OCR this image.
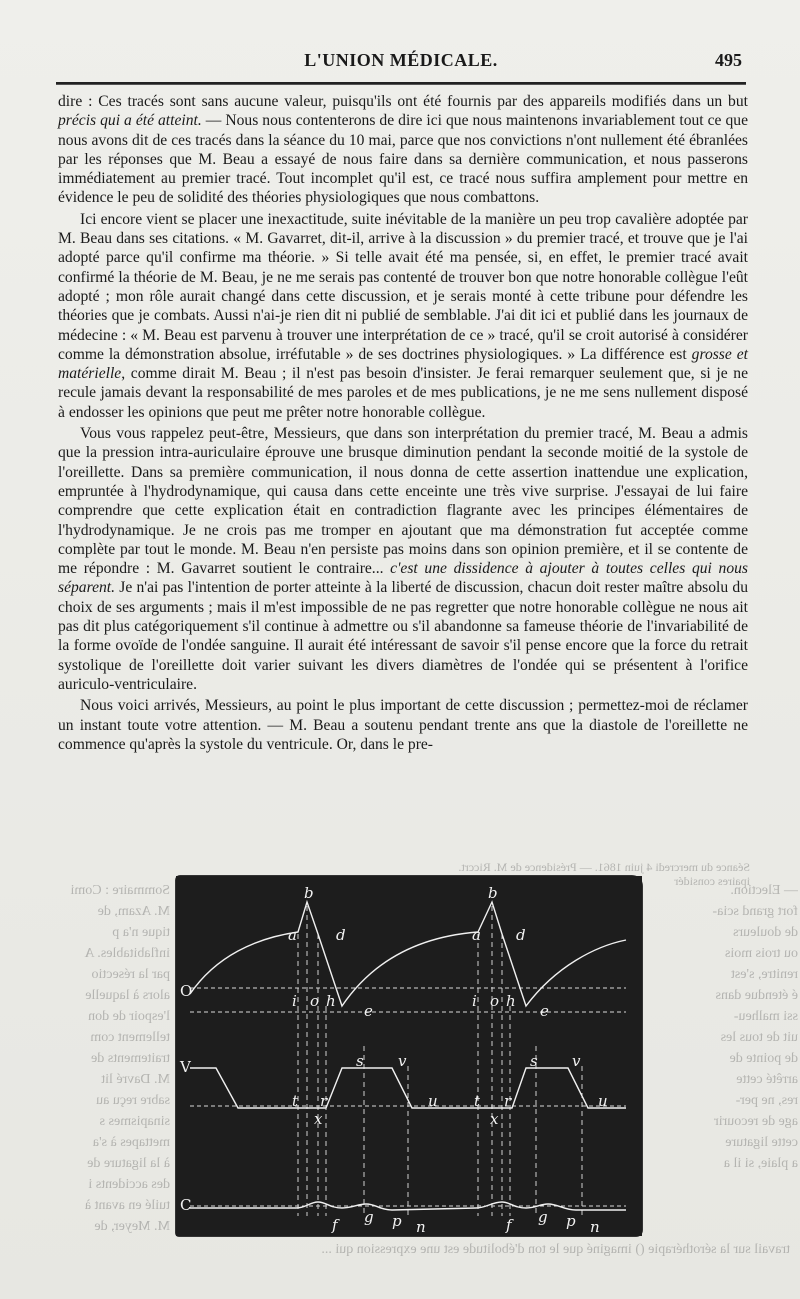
L'UNION MÉDICALE.	495

dire : Ces tracés sont sans aucune valeur, puisqu'ils ont été fournis par des appareils modifiés dans un but précis qui a été atteint. — Nous nous contenterons de dire ici que nous maintenons invariablement tout ce que nous avons dit de ces tracés dans la séance du 10 mai, parce que nos convictions n'ont nullement été ébranlées par les réponses que M. Beau a essayé de nous faire dans sa dernière communication, et nous passerons immédiatement au premier tracé. Tout incomplet qu'il est, ce tracé nous suffira amplement pour mettre en évidence le peu de solidité des théories physiologiques que nous combattons.

Ici encore vient se placer une inexactitude, suite inévitable de la manière un peu trop cavalière adoptée par M. Beau dans ses citations. « M. Gavarret, dit-il, arrive à la discussion » du premier tracé, et trouve que je l'ai adopté parce qu'il confirme ma théorie. » Si telle avait été ma pensée, si, en effet, le premier tracé avait confirmé la théorie de M. Beau, je ne me serais pas contenté de trouver bon que notre honorable collègue l'eût adopté ; mon rôle aurait changé dans cette discussion, et je serais monté à cette tribune pour défendre les théories que je combats. Aussi n'ai-je rien dit ni publié de semblable. J'ai dit ici et publié dans les journaux de médecine : « M. Beau est parvenu à trouver une interprétation de ce » tracé, qu'il se croit autorisé à considérer comme la démonstration absolue, irréfutable » de ses doctrines physiologiques. » La différence est grosse et matérielle, comme dirait M. Beau ; il n'est pas besoin d'insister. Je ferai remarquer seulement que, si je ne recule jamais devant la responsabilité de mes paroles et de mes publications, je ne me sens nullement disposé à endosser les opinions que peut me prêter notre honorable collègue.

Vous vous rappelez peut-être, Messieurs, que dans son interprétation du premier tracé, M. Beau a admis que la pression intra-auriculaire éprouve une brusque diminution pendant la seconde moitié de la systole de l'oreillette. Dans sa première communication, il nous donna de cette assertion inattendue une explication, empruntée à l'hydrodynamique, qui causa dans cette enceinte une très vive surprise. J'essayai de lui faire comprendre que cette explication était en contradiction flagrante avec les principes élémentaires de l'hydrodynamique. Je ne crois pas me tromper en ajoutant que ma démonstration fut acceptée comme complète par tout le monde. M. Beau n'en persiste pas moins dans son opinion première, et il se contente de me répondre : M. Gavarret soutient le contraire... c'est une dissidence à ajouter à toutes celles qui nous séparent. Je n'ai pas l'intention de porter atteinte à la liberté de discussion, chacun doit rester maître absolu du choix de ses arguments ; mais il m'est impossible de ne pas regretter que notre honorable collègue ne nous ait pas dit plus catégoriquement s'il continue à admettre ou s'il abandonne sa fameuse théorie de l'invariabilité de la forme ovoïde de l'ondée sanguine. Il aurait été intéressant de savoir s'il pense encore que la force du retrait systolique de l'oreillette doit varier suivant les divers diamètres de l'ondée qui se présentent à l'orifice auriculo-ventriculaire.

Nous voici arrivés, Messieurs, au point le plus important de cette discussion ; permettez-moi de réclamer un instant toute votre attention. — M. Beau a soutenu pendant trente ans que la diastole de l'oreillette ne commence qu'après la systole du ventricule. Or, dans le pre-

Séance du mercredi 4 juin 1861. — Présidence de M. Riccrt.
ipaires considér
Sommaire : Comi
M. Azam, de
tique n'a p
inflabitables. A
par la résectio
alors à laquelle
l'espoir de don
tellement com
traitements de
M. Davré lit
sabre reçu au
sinapismes s
mettapes à s'a
à la ligature de
des accidents i
tuilé en avant à
M. Meyer, de
— Election.
fort grand scia-
de douleurs
ou trois mois
renitre, s'est
é étendue dans
ssi malheu-
uit de tous les
de pointe de
arrêté cette
res, ne per-
age de recourir
cette ligature
a plaie, si il a
travail sur la sérothérapie () imaginé que le ton d'ébolitude est une expression qui ...
a
b
d
i o h
e
O
a
b
d
i o h
e
V	s v
t r	u
x
s v
t r	u
x
C
f g p n	f g p n
